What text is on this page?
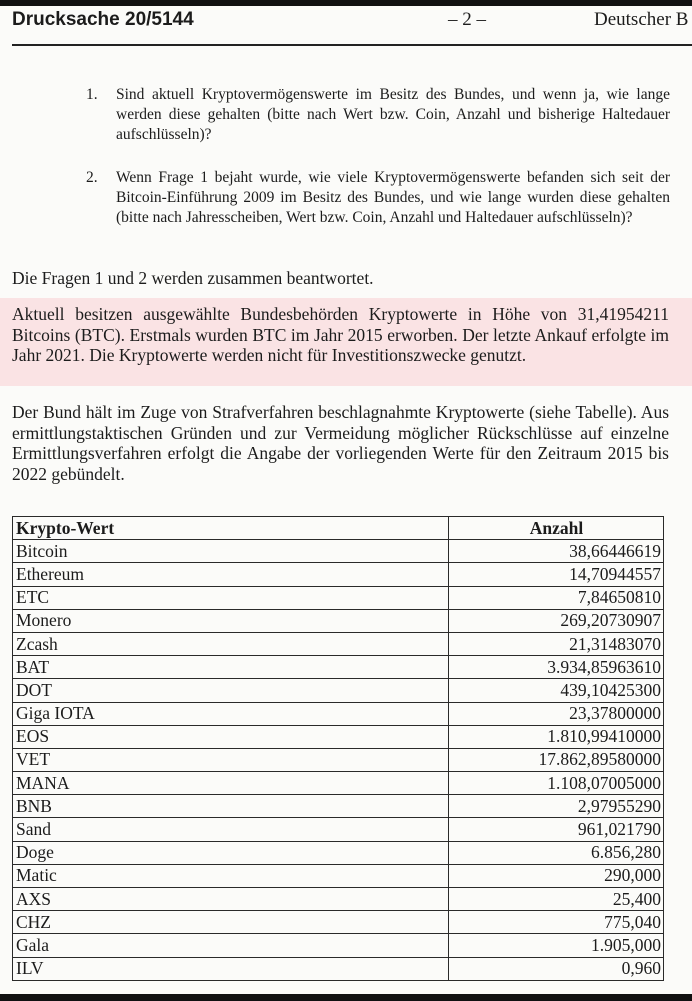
Drucksache 20/5144	– 2 –	Deutscher B
1. Sind aktuell Kryptovermögenswerte im Besitz des Bundes, und wenn ja, wie lange werden diese gehalten (bitte nach Wert bzw. Coin, Anzahl und bisherige Haltedauer aufschlüsseln)?
2. Wenn Frage 1 bejaht wurde, wie viele Kryptovermögenswerte befanden sich seit der Bitcoin-Einführung 2009 im Besitz des Bundes, und wie lange wurden diese gehalten (bitte nach Jahresscheiben, Wert bzw. Coin, Anzahl und Haltedauer aufschlüsseln)?
Die Fragen 1 und 2 werden zusammen beantwortet.
Aktuell besitzen ausgewählte Bundesbehörden Kryptowerte in Höhe von 31,41954211 Bitcoins (BTC). Erstmals wurden BTC im Jahr 2015 erworben. Der letzte Ankauf erfolgte im Jahr 2021. Die Kryptowerte werden nicht für Investitionszwecke genutzt.
Der Bund hält im Zuge von Strafverfahren beschlagnahmte Kryptowerte (siehe Tabelle). Aus ermittlungstaktischen Gründen und zur Vermeidung möglicher Rückschlüsse auf einzelne Ermittlungsverfahren erfolgt die Angabe der vorliegenden Werte für den Zeitraum 2015 bis 2022 gebündelt.
Krypto-Wert	Anzahl
Bitcoin	38,66446619
Ethereum	14,70944557
ETC	7,84650810
Monero	269,20730907
Zcash	21,31483070
BAT	3.934,85963610
DOT	439,10425300
Giga IOTA	23,37800000
EOS	1.810,99410000
VET	17.862,89580000
MANA	1.108,07005000
BNB	2,97955290
Sand	961,021790
Doge	6.856,280
Matic	290,000
AXS	25,400
CHZ	775,040
Gala	1.905,000
ILV	0,960
